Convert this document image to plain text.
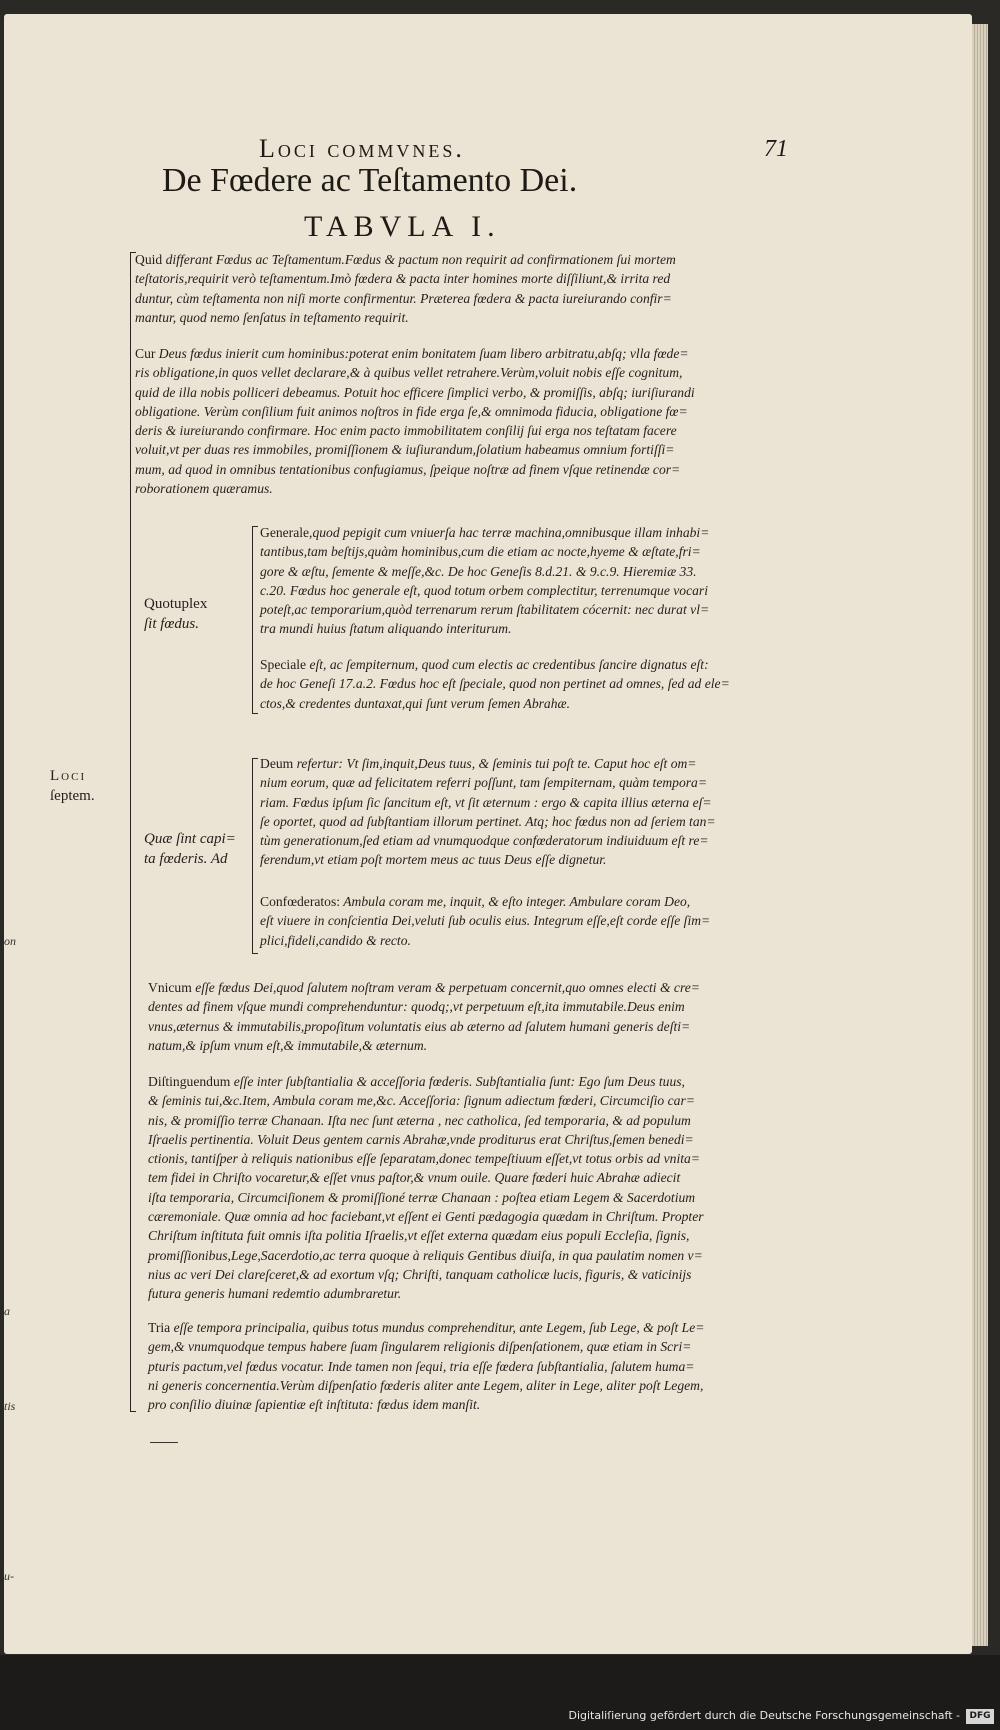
on
a
tis
u-
Loci commvnes.	71
De Fœdere ac Teſtamento Dei.
TABVLA I.
Loci
ſeptem.
Quid differant Fœdus ac Teſtamentum.Fœdus & pactum non requirit ad confirmationem ſui mortem
teſtatoris,requirit verò teſtamentum.Imò fœdera & pacta inter homines morte diſſiliunt,& irrita red
duntur, cùm teſtamenta non niſi morte confirmentur. Præterea fœdera & pacta iureiurando confir=
mantur, quod nemo ſenſatus in teſtamento requirit.
Cur Deus fœdus inierit cum hominibus:poterat enim bonitatem ſuam libero arbitratu,abſq; vlla fœde=
ris obligatione,in quos vellet declarare,& à quibus vellet retrahere.Verùm,voluit nobis eſſe cognitum,
quid de illa nobis polliceri debeamus. Potuit hoc efficere ſimplici verbo, & promiſſis, abſq; iuriſiurandi
obligatione. Verùm conſilium fuit animos noſtros in fide erga ſe,& omnimoda fiducia, obligatione fœ=
deris & iureiurando confirmare. Hoc enim pacto immobilitatem conſilij ſui erga nos teſtatam facere
voluit,vt per duas res immobiles, promiſſionem & iuſiurandum,ſolatium habeamus omnium fortiſſi=
mum, ad quod in omnibus tentationibus confugiamus, ſpeique noſtræ ad finem vſque retinendæ cor=
roborationem quæramus.
Quotuplex
ſit fœdus.
Generale,quod pepigit cum vniuerſa hac terræ machina,omnibusque illam inhabi=
tantibus,tam beſtijs,quàm hominibus,cum die etiam ac nocte,hyeme & æſtate,fri=
gore & æſtu, ſemente & meſſe,&c. De hoc Geneſis 8.d.21. & 9.c.9. Hieremiæ 33.
c.20. Fœdus hoc generale eſt, quod totum orbem complectitur, terrenumque vocari
poteſt,ac temporarium,quòd terrenarum rerum ſtabilitatem cócernit: nec durat vl=
tra mundi huius ſtatum aliquando interiturum.
Speciale eſt, ac ſempiternum, quod cum electis ac credentibus ſancire dignatus eſt:
de hoc Geneſi 17.a.2. Fœdus hoc eſt ſpeciale, quod non pertinet ad omnes, ſed ad ele=
ctos,& credentes duntaxat,qui ſunt verum ſemen Abrahæ.
Quæ ſint capi=
ta fœderis. Ad
Deum refertur: Vt ſim,inquit,Deus tuus, & ſeminis tui poſt te. Caput hoc eſt om=
nium eorum, quæ ad felicitatem referri poſſunt, tam ſempiternam, quàm tempora=
riam. Fœdus ipſum ſic ſancitum eſt, vt ſit æternum : ergo & capita illius æterna eſ=
ſe oportet, quod ad ſubſtantiam illorum pertinet. Atq; hoc fœdus non ad ſeriem tan=
tùm generationum,ſed etiam ad vnumquodque confœderatorum indiuiduum eſt re=
ferendum,vt etiam poſt mortem meus ac tuus Deus eſſe dignetur.
Confœderatos: Ambula coram me, inquit, & eſto integer. Ambulare coram Deo,
eſt viuere in conſcientia Dei,veluti ſub oculis eius. Integrum eſſe,eſt corde eſſe ſim=
plici,fideli,candido & recto.
Vnicum eſſe fœdus Dei,quod ſalutem noſtram veram & perpetuam concernit,quo omnes electi & cre=
dentes ad finem vſque mundi comprehenduntur: quodq;,vt perpetuum eſt,ita immutabile.Deus enim
vnus,æternus & immutabilis,propoſitum voluntatis eius ab æterno ad ſalutem humani generis deſti=
natum,& ipſum vnum eſt,& immutabile,& æternum.
Diſtinguendum eſſe inter ſubſtantialia & acceſſoria fœderis. Subſtantialia ſunt: Ego ſum Deus tuus,
& ſeminis tui,&c.Item, Ambula coram me,&c. Acceſſoria: ſignum adiectum fœderi, Circumciſio car=
nis, & promiſſio terræ Chanaan. Iſta nec ſunt æterna , nec catholica, ſed temporaria, & ad populum
Iſraelis pertinentia. Voluit Deus gentem carnis Abrahæ,vnde proditurus erat Chriſtus,ſemen benedi=
ctionis, tantiſper à reliquis nationibus eſſe ſeparatam,donec tempeſtiuum eſſet,vt totus orbis ad vnita=
tem fidei in Chriſto vocaretur,& eſſet vnus paſtor,& vnum ouile. Quare fœderi huic Abrahæ adiecit
iſta temporaria, Circumciſionem & promiſſioné terræ Chanaan : poſtea etiam Legem & Sacerdotium
cæremoniale. Quæ omnia ad hoc faciebant,vt eſſent ei Genti pædagogia quædam in Chriſtum. Propter
Chriſtum inſtituta fuit omnis iſta politia Iſraelis,vt eſſet externa quædam eius populi Eccleſia, ſignis,
promiſſionibus,Lege,Sacerdotio,ac terra quoque à reliquis Gentibus diuiſa, in qua paulatim nomen v=
nius ac veri Dei clareſceret,& ad exortum vſq; Chriſti, tanquam catholicæ lucis, figuris, & vaticinijs
futura generis humani redemtio adumbraretur.
Tria eſſe tempora principalia, quibus totus mundus comprehenditur, ante Legem, ſub Lege, & poſt Le=
gem,& vnumquodque tempus habere ſuam ſingularem religionis diſpenſationem, quæ etiam in Scri=
pturis pactum,vel fœdus vocatur. Inde tamen non ſequi, tria eſſe fœdera ſubſtantialia, ſalutem huma=
ni generis concernentia.Verùm diſpenſatio fœderis aliter ante Legem, aliter in Lege, aliter poſt Legem,
pro conſilio diuinæ ſapientiæ eſt inſtituta: fœdus idem manſit.
Digitaliſierung gefördert durch die Deutsche Forschungsgemeinschaft -	DFG
